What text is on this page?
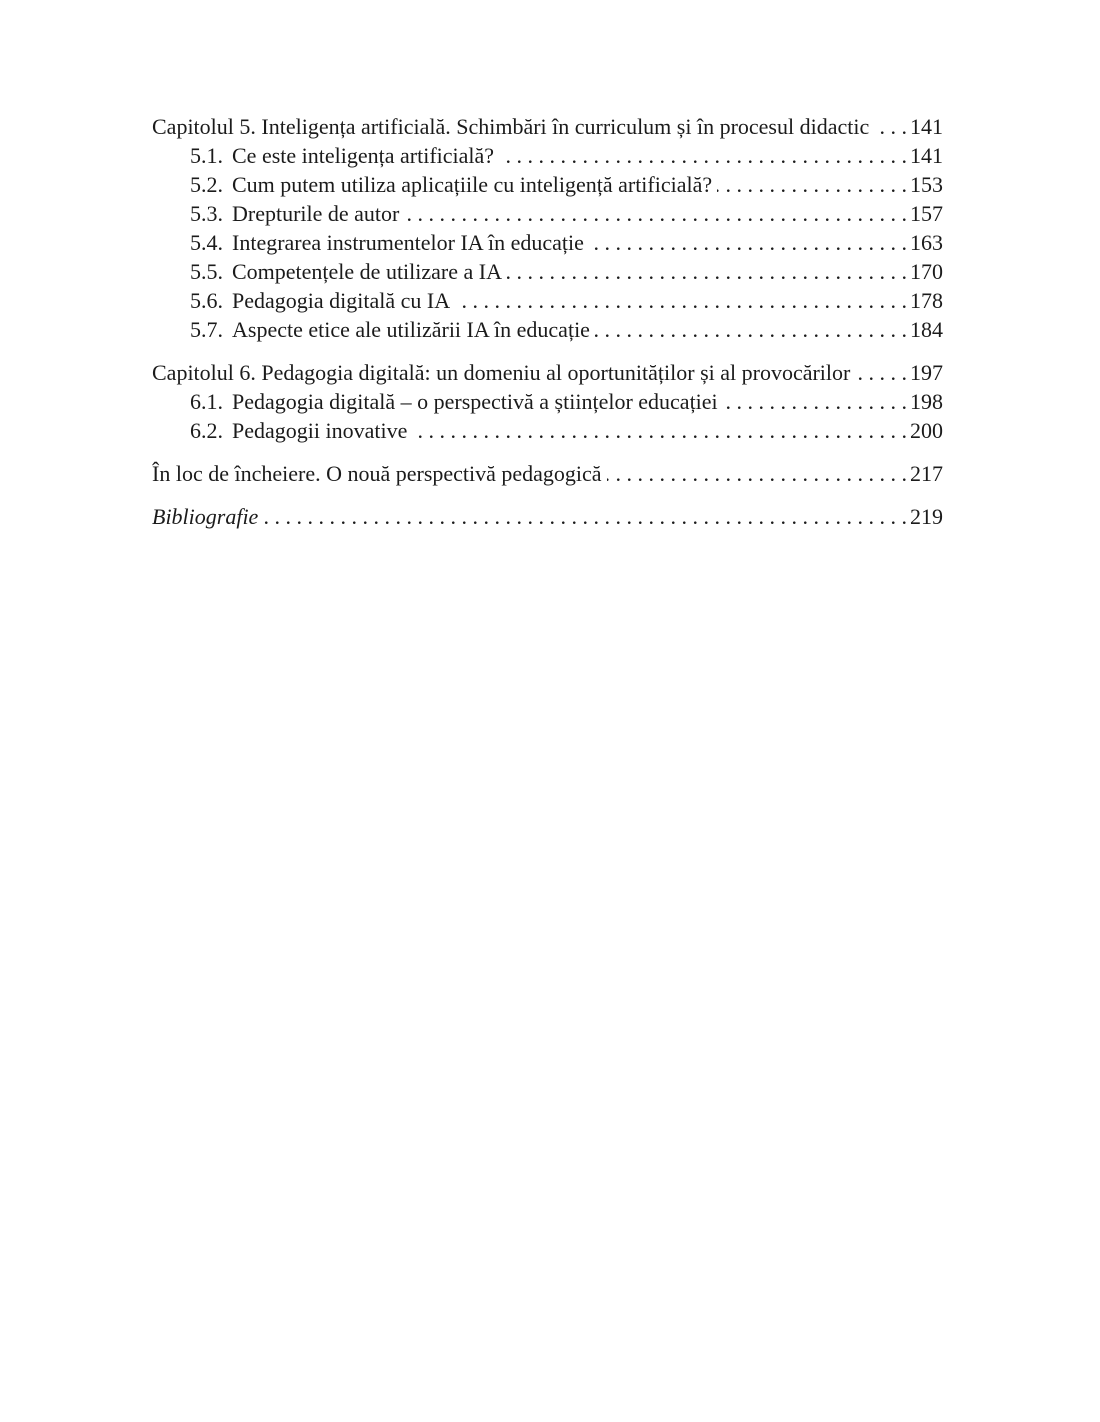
Capitolul 5. Inteligența artificială. Schimbări în curriculum și în procesul didactic . . . 141
5.1. Ce este inteligența artificială? . . .	141
5.2. Cum putem utiliza aplicațiile cu inteligență artificială? . . .	153
5.3. Drepturile de autor . . .	157
5.4. Integrarea instrumentelor IA în educație . . .	163
5.5. Competențele de utilizare a IA . . .	170
5.6. Pedagogia digitală cu IA . . .	178
5.7. Aspecte etice ale utilizării IA în educație . . .	184
Capitolul 6. Pedagogia digitală: un domeniu al oportunităților și al provocărilor . . .	197
6.1. Pedagogia digitală – o perspectivă a științelor educației . . .	198
6.2. Pedagogii inovative . . .	200
În loc de încheiere. O nouă perspectivă pedagogică . . .	217
Bibliografie . . .	219
